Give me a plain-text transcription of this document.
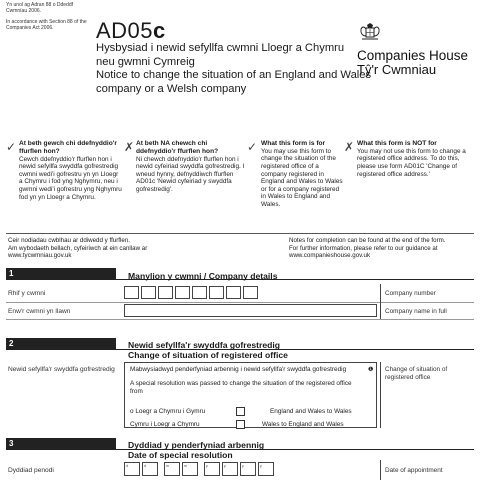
Yn unol ag Adran 88 o Ddeddf Cwmnïau 2006.

In accordance with Section 88 of the Companies Act 2006.	AD05c
Hysbysiad i newid sefyllfa cwmni Lloegr a Chymru
neu gwmni Cymreig
Notice to change the situation of an England and Wales
company or a Welsh company
Companies House
Tŷ'r Cwmniau
✓ At beth gewch chi ddefnyddio'r ffurflen hon?
Cewch ddefnyddio'r ffurflen hon i newid sefyllfa swyddfa gofrestredig cwmni wedi'i gofrestru yn yn Lloegr a Chymru i fod yng Nghymru, neu i gwmni wedi'i gofrestru yng Nghymru fod yn yn Lloegr a Chymru.
✗ At beth NA chewch chi ddefnyddio'r ffurflen hon?
Ni chewch ddefnyddio'r ffurflen hon i newid cyfeiriad swyddfa gofrestredig. I wneud hynny, defnyddiwch ffurflen AD01c 'Newid cyfeiriad y swyddfa gofrestredig'.
✓ What this form is for
You may use this form to change the situation of the registered office of a company registered in England and Wales to Wales or for a company registered in Wales to England and Wales.
✗ What this form is NOT for
You may not use this form to change a registered office address. To do this, please use form AD01C 'Change of registered office address.'
Ceir nodiadau cwblhau ar ddiwedd y ffurflen.
Am wybodaeth bellach, cyfeiriwch at ein canllaw ar
www.tycwmniau.gov.uk
Notes for completion can be found at the end of the form.
For further information, please refer to our guidance at
www.companieshouse.gov.uk
1	Manylion y cwmni / Company details
Rhif y cwmni	Company number
Enw'r cwmni yn llawn	Company name in full
2	Newid sefyllfa'r swyddfa gofrestredig
Change of situation of registered office
Newid sefyllfa'r swyddfa gofrestredig	Mabwysiadwyd penderfyniad arbennig i newid sefyllfa'r swyddfa gofrestredig	❶
A special resolution was passed to change the situation of the registered office from
o Loegr a Chymru i Gymru	England and Wales to Wales
Cymru i Loegr a Chymru	Wales to England and Wales
Change of situation of registered office
3	Dyddiad y penderfyniad arbennig
Date of special resolution
Dyddiad penodi
d	d	m	m	y	y	y	y
Date of appointment
